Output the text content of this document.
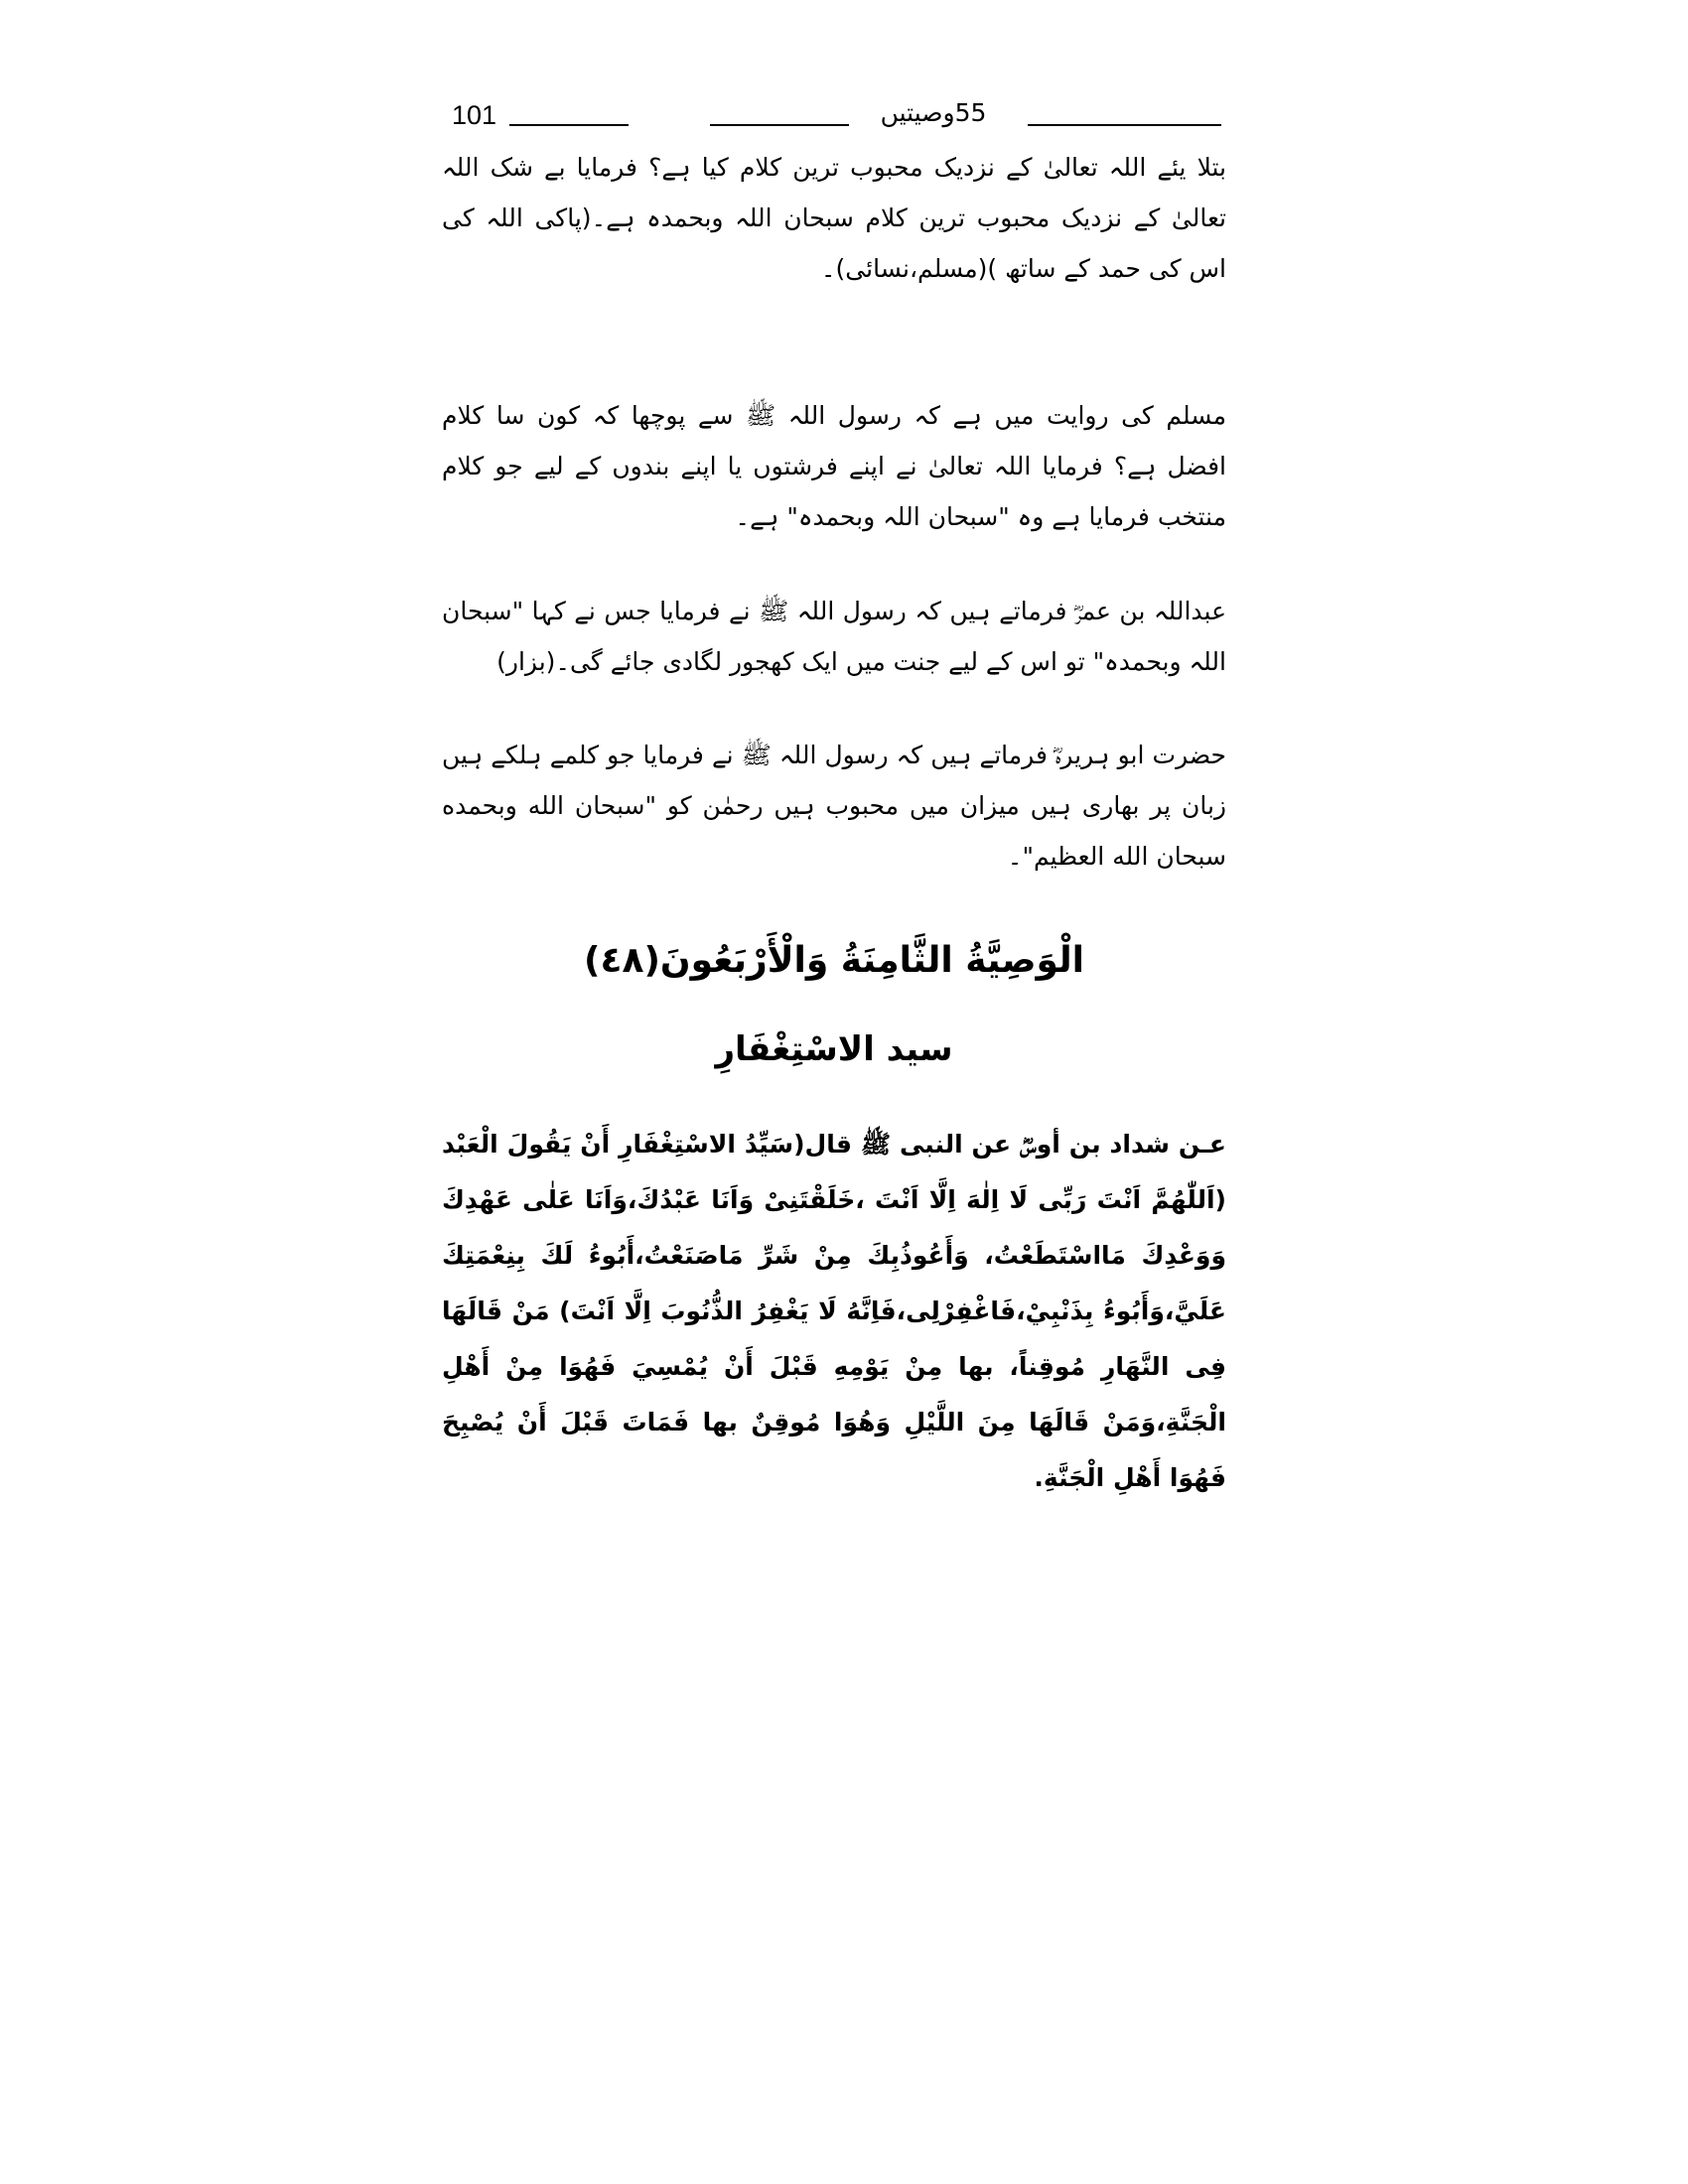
101	55وصیتیں

بتلا یئے اللہ تعالیٰ کے نزدیک محبوب ترین کلام کیا ہے؟ فرمایا بے شک اللہ تعالیٰ کے نزدیک محبوب ترین کلام سبحان اللہ وبحمدہ ہے۔(پاکی اللہ کی اس کی حمد کے ساتھ )(مسلم،نسائی)۔

مسلم کی روایت میں ہے کہ رسول اللہ ﷺ سے پوچھا کہ کون سا کلام افضل ہے؟ فرمایا اللہ تعالیٰ نے اپنے فرشتوں یا اپنے بندوں کے لیے جو کلام منتخب فرمایا ہے وہ "سبحان اللہ وبحمدہ" ہے۔

عبداللہ بن عمرؓ فرماتے ہیں کہ رسول اللہ ﷺ نے فرمایا جس نے کہا "سبحان اللہ وبحمدہ" تو اس کے لیے جنت میں ایک کھجور لگادی جائے گی۔(بزار)

حضرت ابو ہریرہؓ فرماتے ہیں کہ رسول اللہ ﷺ نے فرمایا جو کلمے ہلکے ہیں زبان پر بھاری ہیں میزان میں محبوب ہیں رحمٰن کو "سبحان الله وبحمده سبحان الله العظيم"۔

الْوَصِيَّةُ الثَّامِنَةُ وَالْأَرْبَعُونَ(٤٨)
سيد الاسْتِغْفَارِ

عـن شداد بن أوسؓ عن النبى ﷺ قال(سَيِّدُ الاسْتِغْفَارِ أَنْ يَقُولَ الْعَبْد (اَللّٰهُمَّ اَنْتَ رَبِّى لَا اِلٰهَ اِلَّا اَنْتَ ،خَلَقْتَنِىْ وَاَنَا عَبْدُكَ،وَاَنَا عَلٰى عَهْدِكَ وَوَعْدِكَ مَااسْتَطَعْتُ، وَأَعُوذُبِكَ مِنْ شَرِّ مَاصَنَعْتُ،أَبُوءُ لَكَ بِنِعْمَتِكَ عَلَيَّ،وَأَبُوءُ بِذَنْبِيْ،فَاغْفِرْلِى،فَاِنَّهُ لَا يَغْفِرُ الذُّنُوبَ اِلَّا اَنْتَ) مَنْ قَالَهَا فِى النَّهَارِ مُوقِناً، بها مِنْ يَوْمِهِ قَبْلَ أَنْ يُمْسِيَ فَهُوَا مِنْ أَهْلِ الْجَنَّةِ،وَمَنْ قَالَهَا مِنَ اللَّيْلِ وَهُوَا مُوقِنٌ بها فَمَاتَ قَبْلَ أَنْ يُصْبِحَ فَهُوَا أَهْلِ الْجَنَّةِ.
